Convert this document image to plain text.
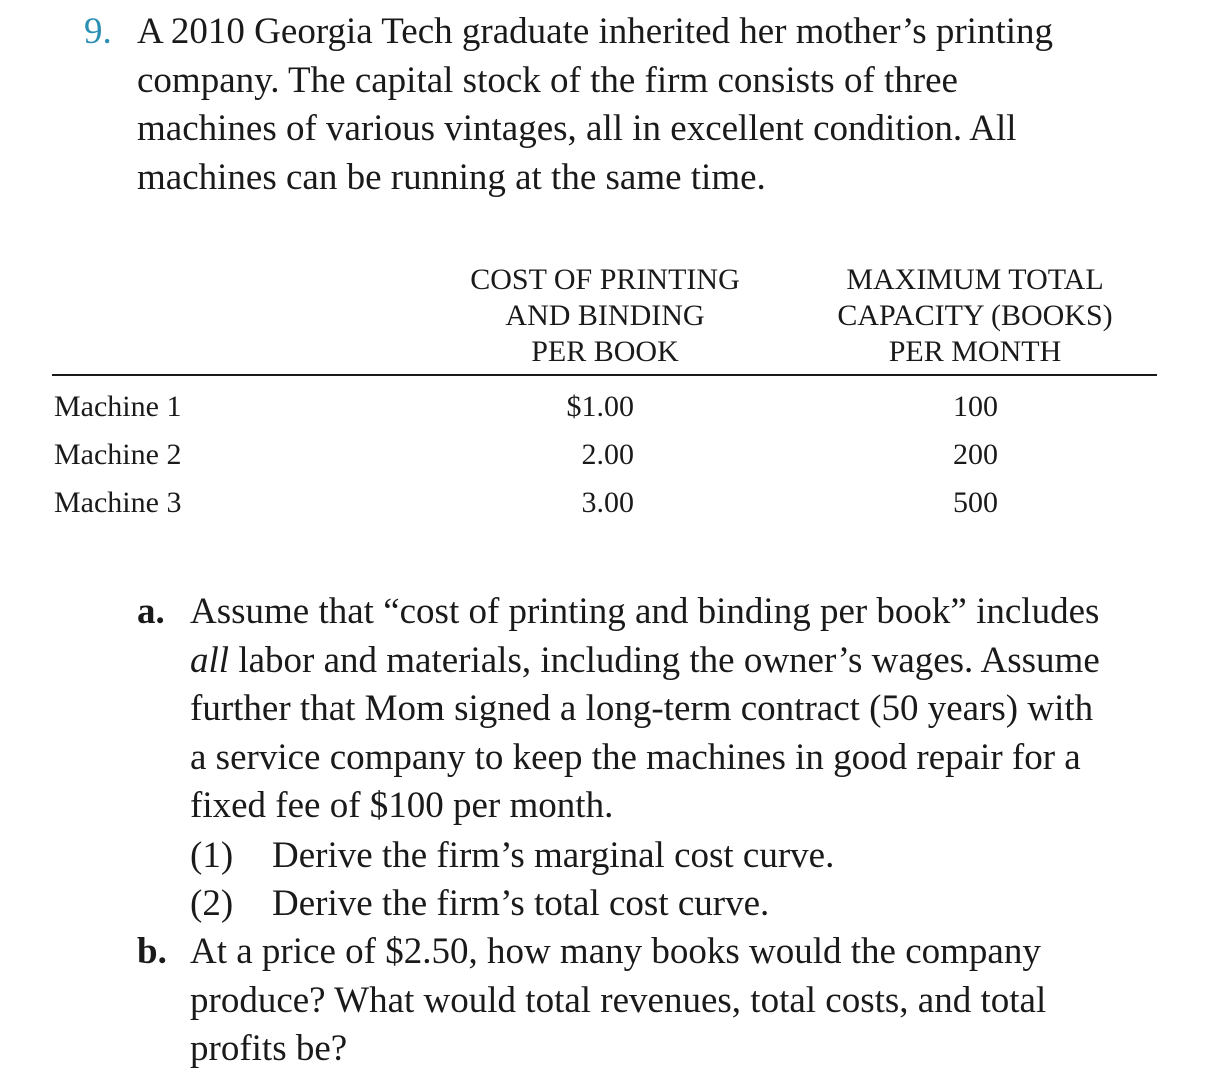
9. A 2010 Georgia Tech graduate inherited her mother’s printing
company. The capital stock of the firm consists of three
machines of various vintages, all in excellent condition. All
machines can be running at the same time.
COST OF PRINTING
AND BINDING
PER BOOK
MAXIMUM TOTAL
CAPACITY (BOOKS)
PER MONTH
Machine 1	$1.00	100
Machine 2	2.00	200
Machine 3	3.00	500
a. Assume that “cost of printing and binding per book” includes
all labor and materials, including the owner’s wages. Assume
further that Mom signed a long-term contract (50 years) with
a service company to keep the machines in good repair for a
fixed fee of $100 per month.
(1) Derive the firm’s marginal cost curve.
(2) Derive the firm’s total cost curve.
b. At a price of $2.50, how many books would the company
produce? What would total revenues, total costs, and total
profits be?
